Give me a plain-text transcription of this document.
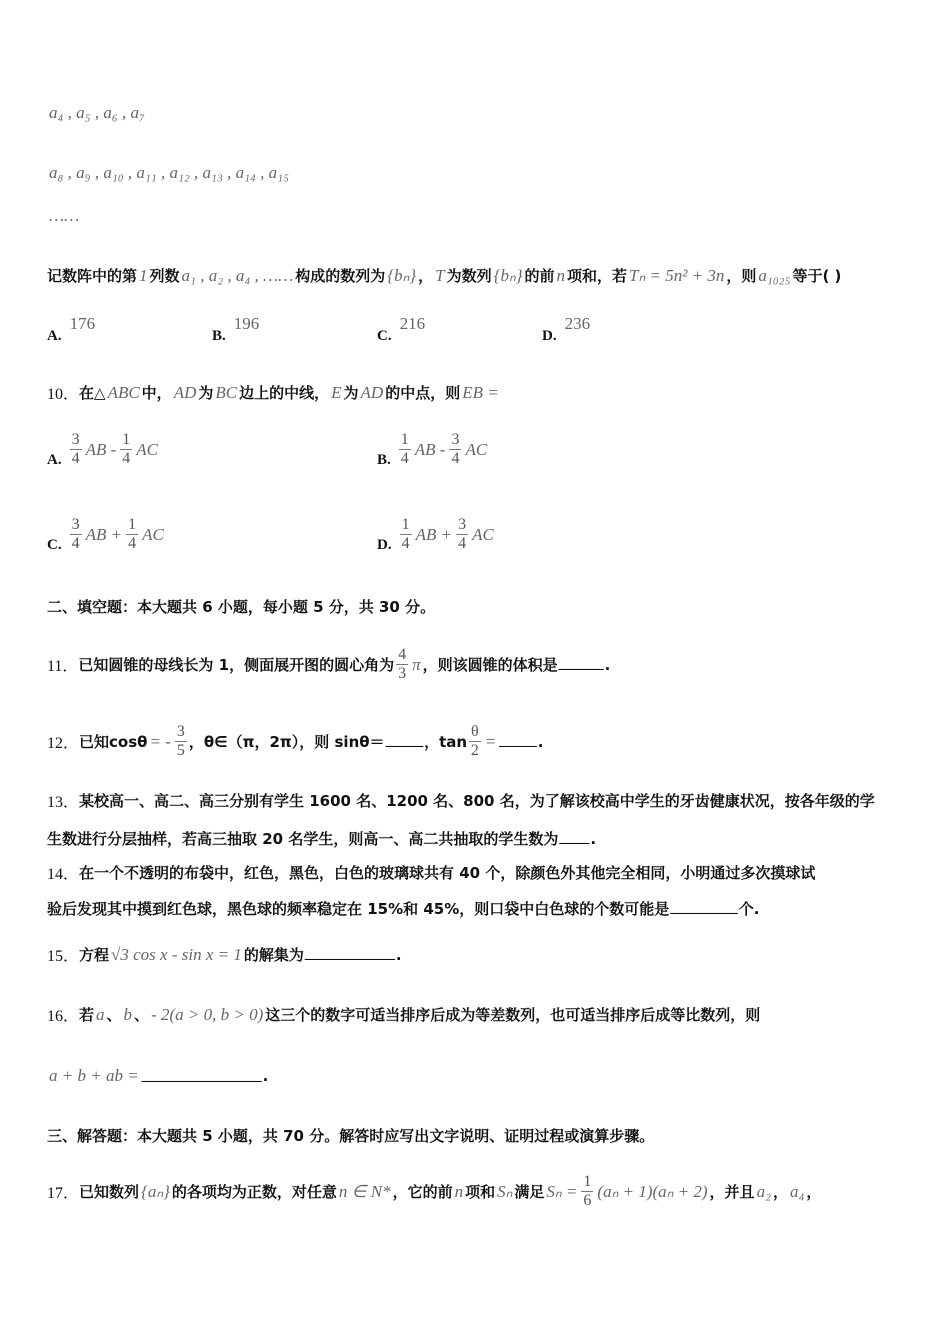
a₄ , a₅ , a₆ , a₇
a₈ , a₉ , a₁₀ , a₁₁ , a₁₂ , a₁₃ , a₁₄ , a₁₅
……
记数阵中的第 1 列数 a₁ , a₂ , a₄ , …… 构成的数列为 {bₙ} ， T 为数列 {bₙ} 的前 n 项和，若 Tₙ = 5n² + 3n ，则 a₁₀₂₅ 等于( )
A.
176
B.
196
C.
216
D.
236
10． 在△ ABC 中， AD 为 BC 边上的中线， E 为 AD 的中点，则 EB =
A. $\frac{3}{4}$ AB - $\frac{1}{4}$ AC
B. $\frac{1}{4}$ AB - $\frac{3}{4}$ AC
C. $\frac{3}{4}$ AB + $\frac{1}{4}$ AC
D. $\frac{1}{4}$ AB + $\frac{3}{4}$ AC
二、填空题：本大题共 6 小题，每小题 5 分，共 30 分。
11． 已知圆锥的母线长为 1，侧面展开图的圆心角为 $\frac{4}{3}$ π ，则该圆锥的体积是 ______ .
12． 已知 cosθ = - $\frac{3}{5}$ ，θ∈（π，2π），则 sinθ＝ _____ ，$\tan \frac{\theta}{2}$ = _____ .
13． 某校高一、高二、高三分别有学生 1600 名、1200 名、800 名，为了解该校高中学生的牙齿健康状况，按各年级的学
生数进行分层抽样，若高三抽取 20 名学生，则高一、高二共抽取的学生数为 ____ .
14． 在一个不透明的布袋中，红色，黑色，白色的玻璃球共有 40 个，除颜色外其他完全相同，小明通过多次摸球试
验后发现其中摸到红色球，黑色球的频率稳定在 15%和 45%，则口袋中白色球的个数可能是 _________ 个.
15． 方程 √3 cos x - sin x = 1 的解集为 ____________ .
16． 若 a 、 b 、 - 2(a > 0, b > 0) 这三个的数字可适当排序后成为等差数列，也可适当排序后成等比数列，则
a + b + ab = ________________ .
三、解答题：本大题共 5 小题，共 70 分。解答时应写出文字说明、证明过程或演算步骤。
17． 已知数列 {aₙ} 的各项均为正数，对任意 n ∈ N* ，它的前 n 项和 Sₙ 满足 $S_n = \frac{1}{6} (a_n + 1)(a_n + 2)$ ，并且 a₂ ， a₄ ，
